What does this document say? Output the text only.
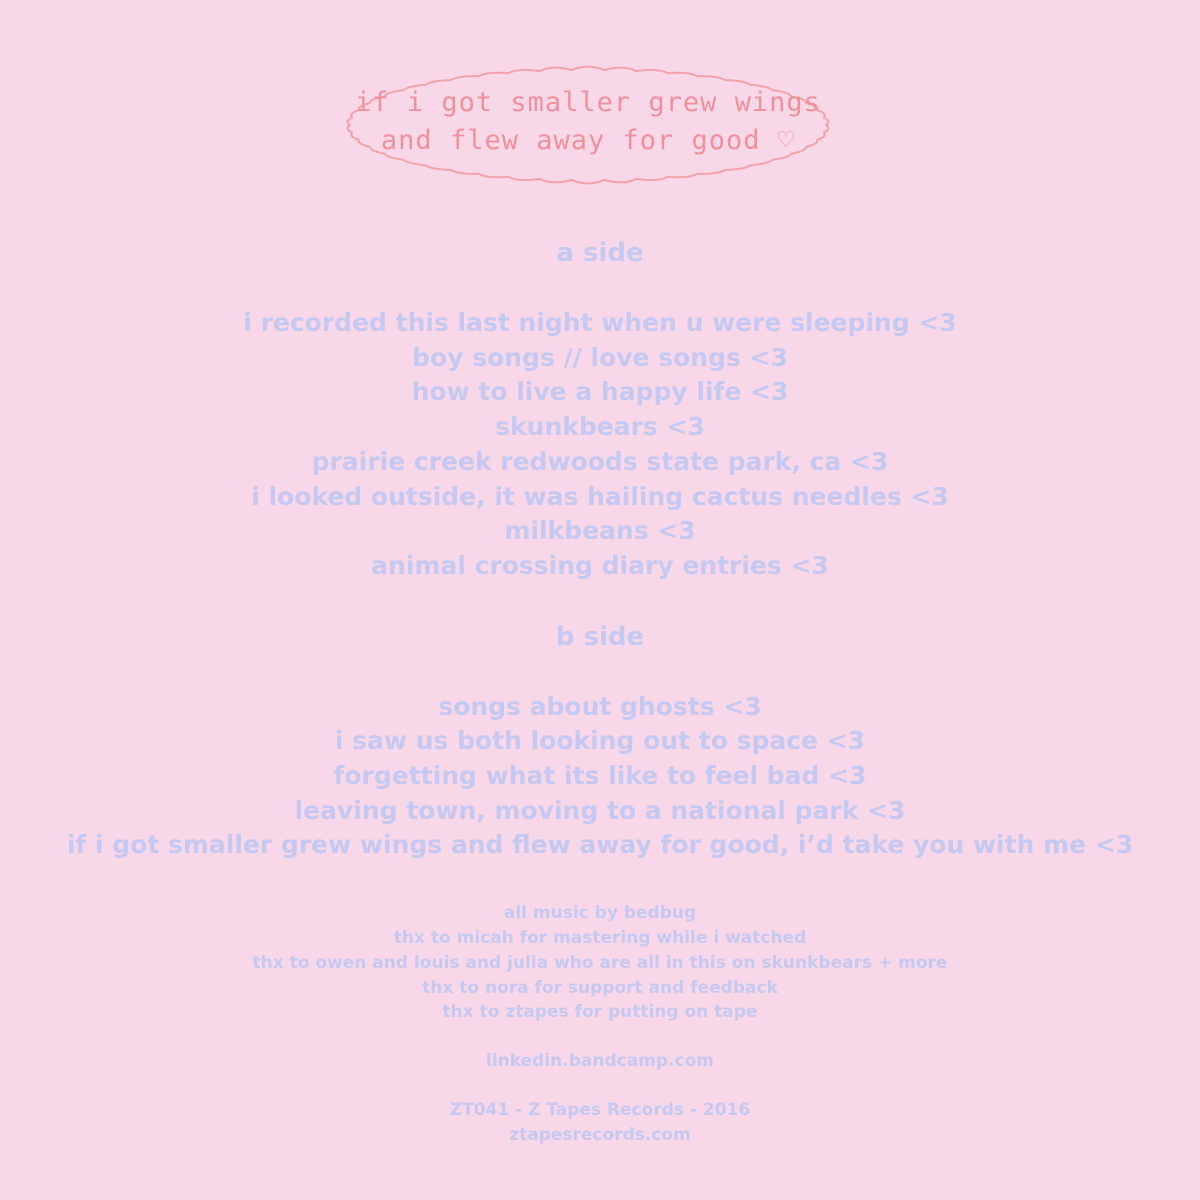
if i got smaller grew wings
and flew away for good ♡
a side
i recorded this last night when u were sleeping <3
boy songs // love songs <3
how to live a happy life <3
skunkbears <3
prairie creek redwoods state park, ca <3
i looked outside, it was hailing cactus needles <3
milkbeans <3
animal crossing diary entries <3
b side
songs about ghosts <3
i saw us both looking out to space <3
forgetting what its like to feel bad <3
leaving town, moving to a national park <3
if i got smaller grew wings and flew away for good, i’d take you with me <3
all music by bedbug
thx to micah for mastering while i watched
thx to owen and louis and julia who are all in this on skunkbears + more
thx to nora for support and feedback
thx to ztapes for putting on tape
linkedin.bandcamp.com
ZT041 - Z Tapes Records - 2016
ztapesrecords.com
